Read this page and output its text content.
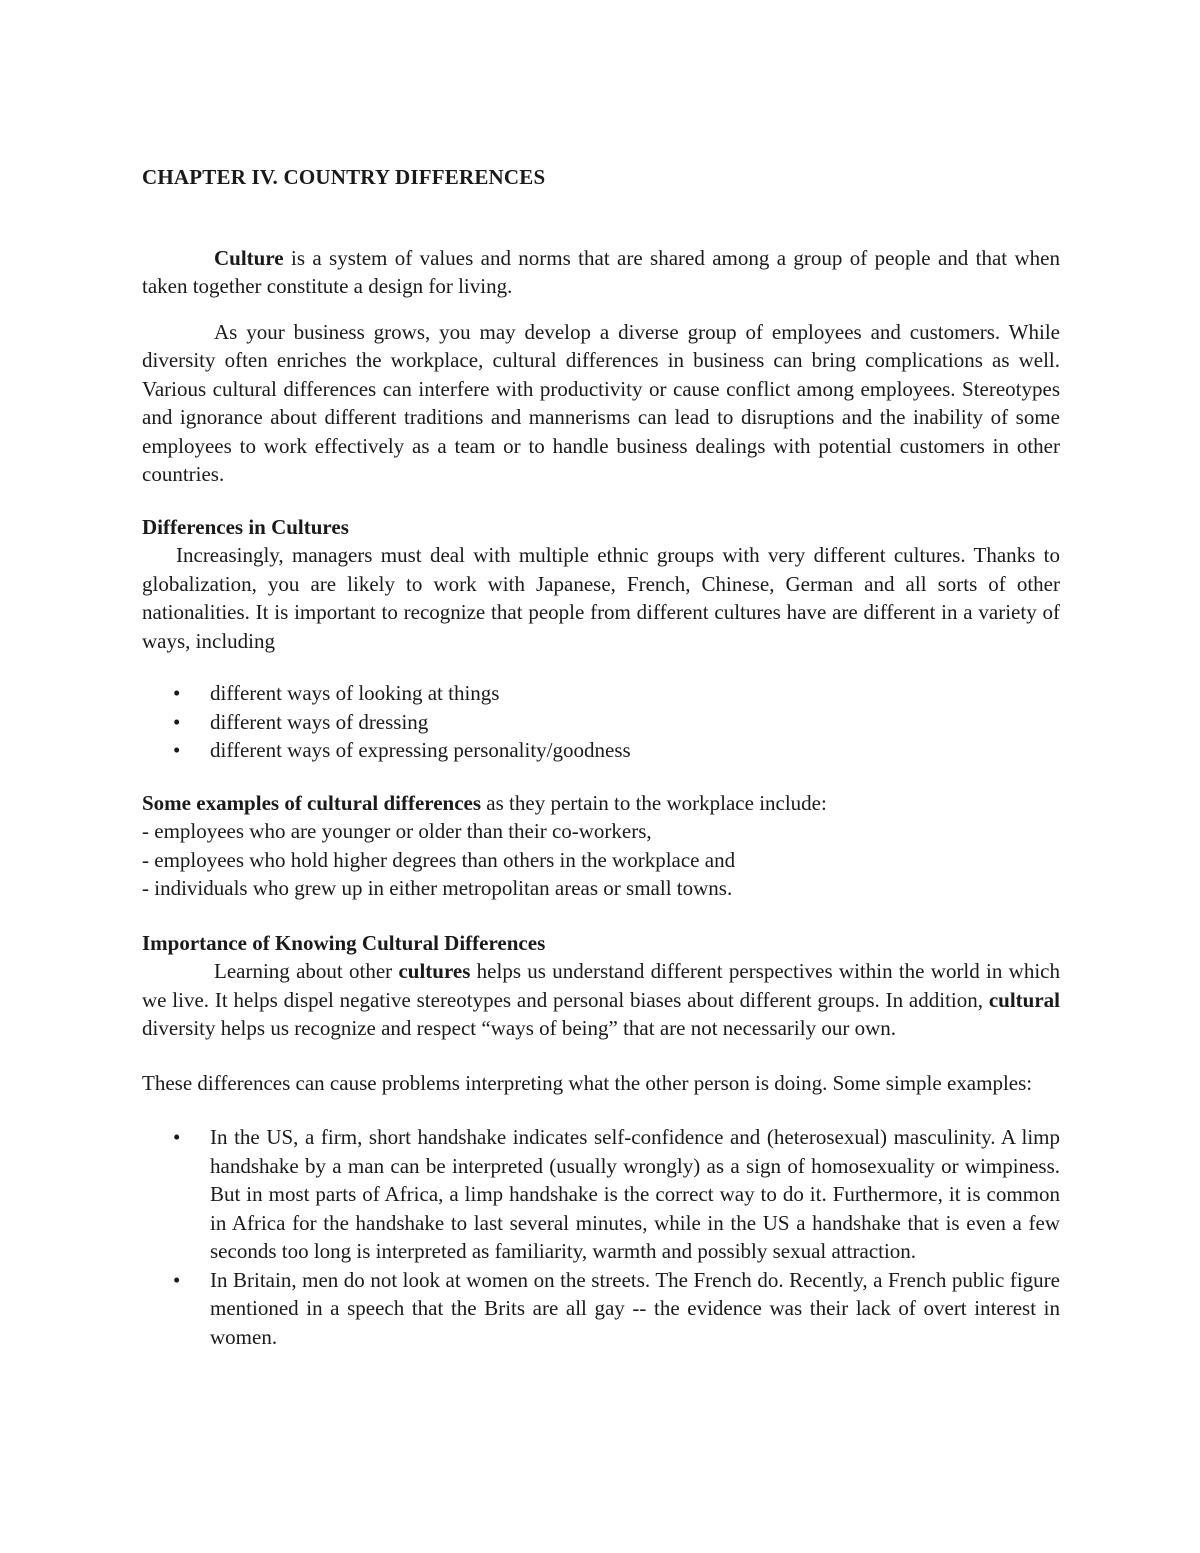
CHAPTER IV. COUNTRY DIFFERENCES

Culture is a system of values and norms that are shared among a group of people and that when taken together constitute a design for living.

As your business grows, you may develop a diverse group of employees and customers. While diversity often enriches the workplace, cultural differences in business can bring complications as well. Various cultural differences can interfere with productivity or cause conflict among employees. Stereotypes and ignorance about different traditions and mannerisms can lead to disruptions and the inability of some employees to work effectively as a team or to handle business dealings with potential customers in other countries.

Differences in Cultures

Increasingly, managers must deal with multiple ethnic groups with very different cultures. Thanks to globalization, you are likely to work with Japanese, French, Chinese, German and all sorts of other nationalities. It is important to recognize that people from different cultures have are different in a variety of ways, including

• different ways of looking at things
• different ways of dressing
• different ways of expressing personality/goodness

Some examples of cultural differences as they pertain to the workplace include:

- employees who are younger or older than their co-workers,

- employees who hold higher degrees than others in the workplace and

- individuals who grew up in either metropolitan areas or small towns.

Importance of Knowing Cultural Differences

Learning about other cultures helps us understand different perspectives within the world in which we live. It helps dispel negative stereotypes and personal biases about different groups. In addition, cultural diversity helps us recognize and respect “ways of being” that are not necessarily our own.

These differences can cause problems interpreting what the other person is doing. Some simple examples:

• In the US, a firm, short handshake indicates self-confidence and (heterosexual) masculinity. A limp handshake by a man can be interpreted (usually wrongly) as a sign of homosexuality or wimpiness. But in most parts of Africa, a limp handshake is the correct way to do it. Furthermore, it is common in Africa for the handshake to last several minutes, while in the US a handshake that is even a few seconds too long is interpreted as familiarity, warmth and possibly sexual attraction.
• In Britain, men do not look at women on the streets. The French do. Recently, a French public figure mentioned in a speech that the Brits are all gay -- the evidence was their lack of overt interest in women.
